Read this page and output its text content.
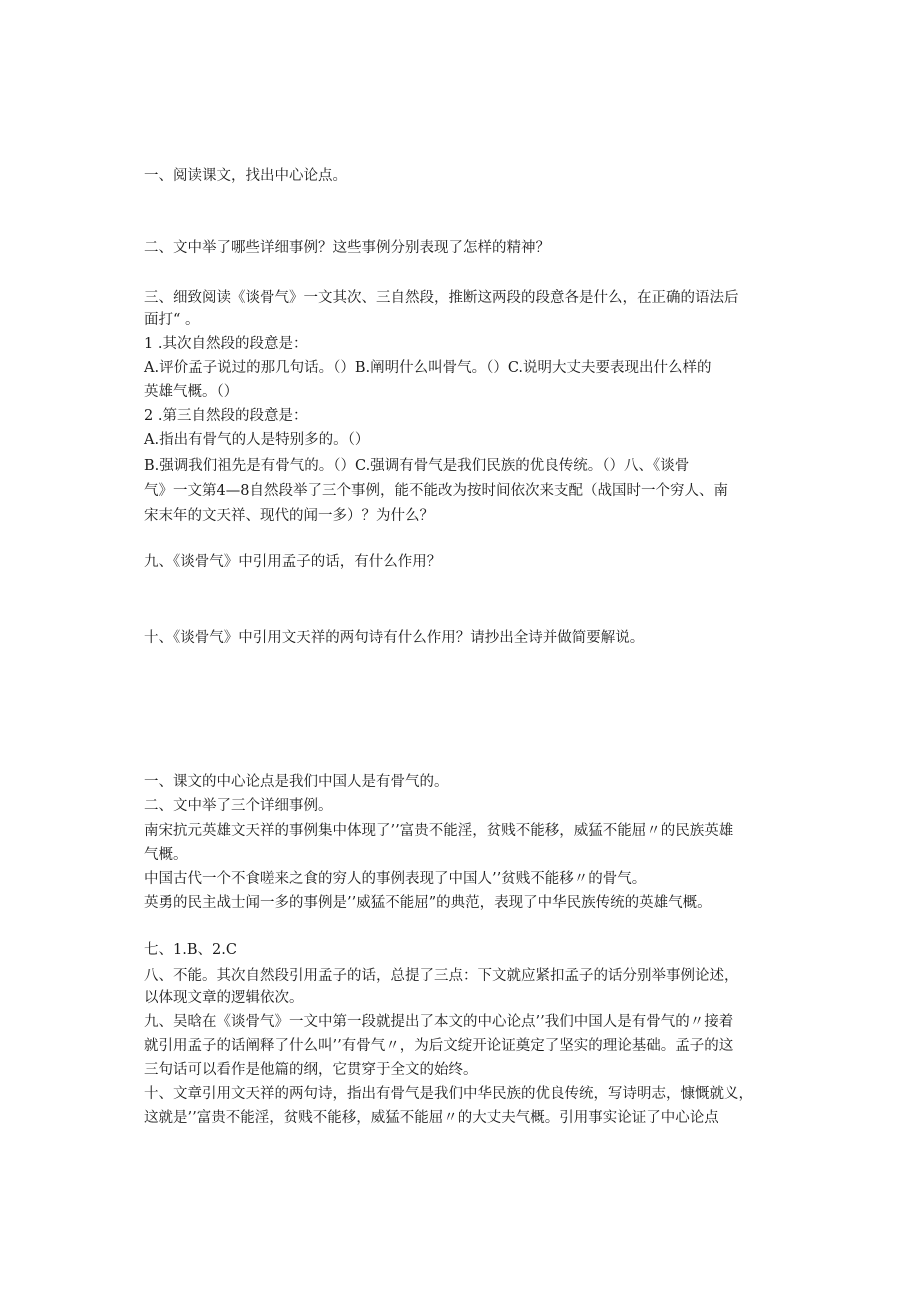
一、阅读课文，找出中心论点。

二、文中举了哪些详细事例？这些事例分别表现了怎样的精神？

三、细致阅读《谈骨气》一文其次、三自然段，推断这两段的段意各是什么，在正确的语法后

面打“ 。

1 .其次自然段的段意是：

A.评价孟子说过的那几句话。（）B.阐明什么叫骨气。（）C.说明大丈夫要表现出什么样的

英雄气概。（）

2 .第三自然段的段意是：

A.指出有骨气的人是特别多的。（）

B.强调我们祖先是有骨气的。（）C.强调有骨气是我们民族的优良传统。（）八、《谈骨

气》一文第4—8自然段举了三个事例，能不能改为按时间依次来支配（战国时一个穷人、南

宋末年的文天祥、现代的闻一多）？为什么？

九、《谈骨气》中引用孟子的话，有什么作用？

十、《谈骨气》中引用文天祥的两句诗有什么作用？请抄出全诗并做简要解说。

一、课文的中心论点是我们中国人是有骨气的。

二、文中举了三个详细事例。

南宋抗元英雄文天祥的事例集中体现了’’富贵不能淫，贫贱不能移，威猛不能屈〃的民族英雄

气概。

中国古代一个不食嗟来之食的穷人的事例表现了中国人’’贫贱不能移〃的骨气。

英勇的民主战士闻一多的事例是’’威猛不能屈”的典范，表现了中华民族传统的英雄气概。

七、1.B、2.C

八、不能。其次自然段引用孟子的话，总提了三点：下文就应紧扣孟子的话分别举事例论述，

以体现文章的逻辑依次。

九、吴晗在《谈骨气》一文中第一段就提出了本文的中心论点’’我们中国人是有骨气的〃接着

就引用孟子的话阐释了什么叫’’有骨气〃，为后文绽开论证奠定了坚实的理论基础。孟子的这

三句话可以看作是他篇的纲，它贯穿于全文的始终。

十、文章引用文天祥的两句诗，指出有骨气是我们中华民族的优良传统，写诗明志，慷慨就义，

这就是’’富贵不能淫，贫贱不能移，威猛不能屈〃的大丈夫气概。引用事实论证了中心论点
